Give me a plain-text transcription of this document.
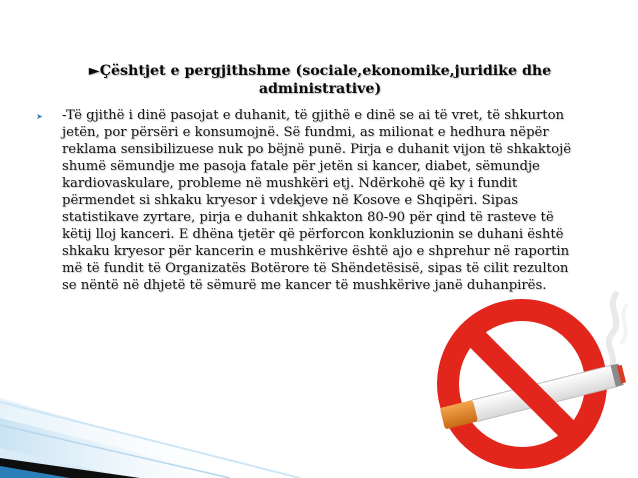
►Çështjet e pergjithshme (sociale,ekonomike,juridike dhe
administrative)
➤ -Të gjithë i dinë pasojat e duhanit, të gjithë e dinë se ai të vret, të shkurton
jetën, por përsëri e konsumojnë. Së fundmi, as milionat e hedhura nëpër
reklama sensibilizuese nuk po bëjnë punë. Pirja e duhanit vijon të shkaktojë
shumë sëmundje me pasoja fatale për jetën si kancer, diabet, sëmundje
kardiovaskulare, probleme në mushkëri etj. Ndërkohë që ky i fundit
përmendet si shkaku kryesor i vdekjeve në Kosove e Shqipëri. Sipas
statistikave zyrtare, pirja e duhanit shkakton 80-90 për qind të rasteve të
këtij lloj kanceri. E dhëna tjetër që përforcon konkluzionin se duhani është
shkaku kryesor për kancerin e mushkërive është ajo e shprehur në raportin
më të fundit të Organizatës Botërore të Shëndetësisë, sipas të cilit rezulton
se nëntë në dhjetë të sëmurë me kancer të mushkërive janë duhanpirës.
